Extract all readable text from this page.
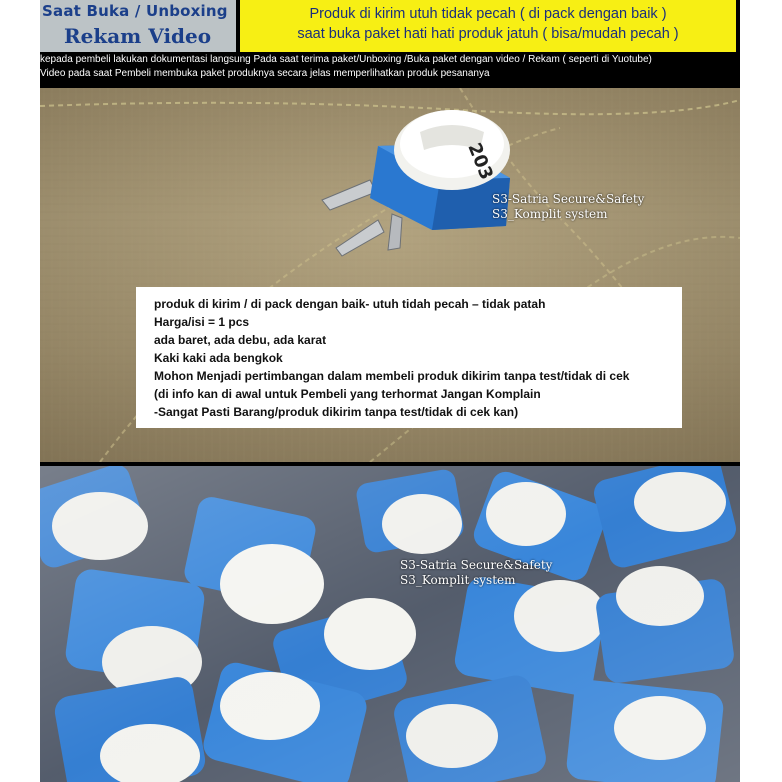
Saat Buka / Unboxing
Rekam Video
Produk di kirim utuh tidak pecah ( di pack dengan baik )
saat buka paket hati hati produk jatuh ( bisa/mudah pecah )
kepada pembeli lakukan dokumentasi langsung Pada saat terima paket/Unboxing /Buka paket dengan video / Rekam ( seperti di Yuotube)
Video pada saat Pembeli membuka paket produknya secara jelas memperlihatkan produk pesananya
203
S3-Satria Secure&Safety
S3_Komplit system
produk di kirim / di pack dengan baik- utuh tidah pecah – tidak patah
Harga/isi = 1 pcs
ada baret, ada debu, ada karat
Kaki kaki ada bengkok
Mohon Menjadi pertimbangan dalam membeli produk dikirim tanpa test/tidak di cek
(di info kan di awal untuk Pembeli yang terhormat Jangan Komplain
-Sangat Pasti Barang/produk dikirim tanpa test/tidak di cek kan)
S3-Satria Secure&Safety
S3_Komplit system
